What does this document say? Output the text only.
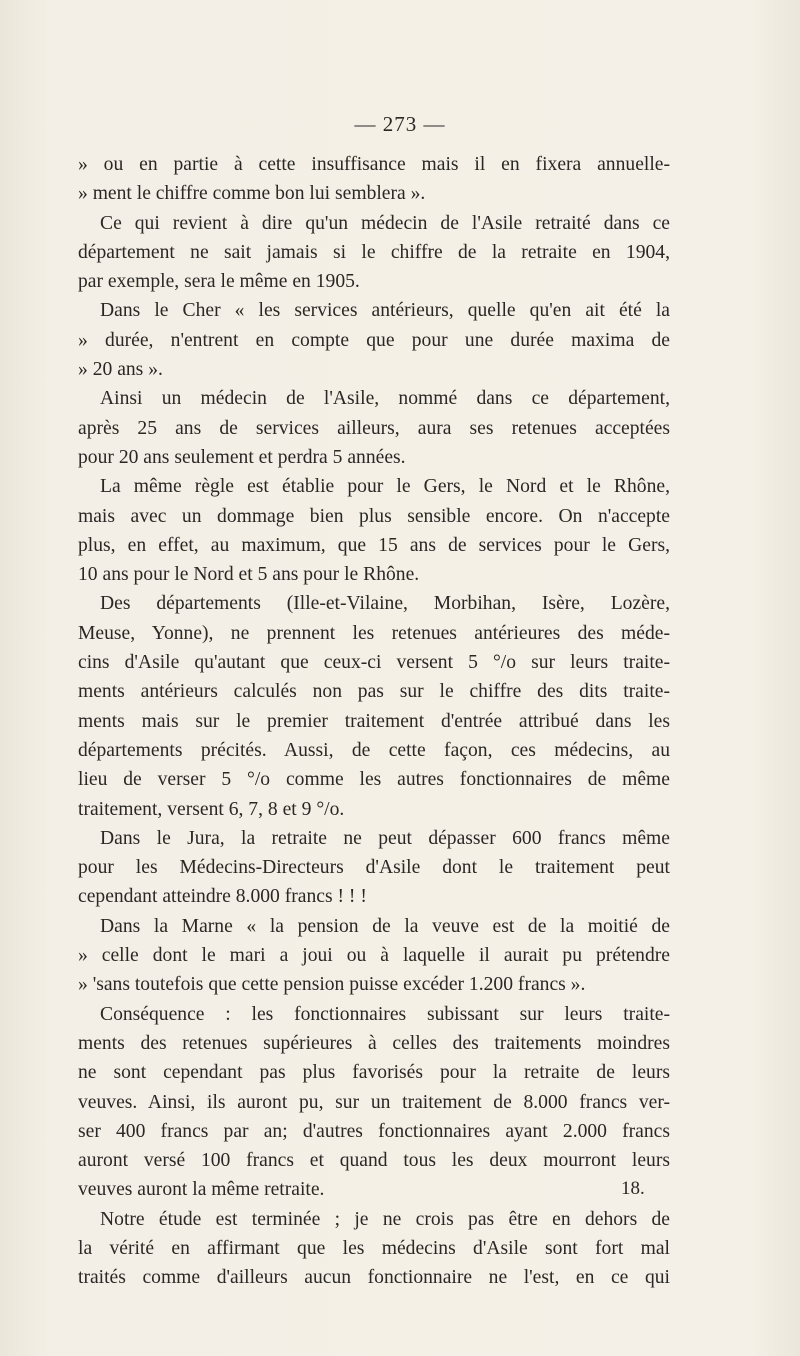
— 273 —
» ou en partie à cette insuffisance mais il en fixera annuelle-
» ment le chiffre comme bon lui semblera ».
Ce qui revient à dire qu'un médecin de l'Asile retraité dans ce
département ne sait jamais si le chiffre de la retraite en 1904,
par exemple, sera le même en 1905.
Dans le Cher « les services antérieurs, quelle qu'en ait été la
» durée, n'entrent en compte que pour une durée maxima de
» 20 ans ».
Ainsi un médecin de l'Asile, nommé dans ce département,
après 25 ans de services ailleurs, aura ses retenues acceptées
pour 20 ans seulement et perdra 5 années.
La même règle est établie pour le Gers, le Nord et le Rhône,
mais avec un dommage bien plus sensible encore. On n'accepte
plus, en effet, au maximum, que 15 ans de services pour le Gers,
10 ans pour le Nord et 5 ans pour le Rhône.
Des départements (Ille-et-Vilaine, Morbihan, Isère, Lozère,
Meuse, Yonne), ne prennent les retenues antérieures des méde-
cins d'Asile qu'autant que ceux-ci versent 5 °/o sur leurs traite-
ments antérieurs calculés non pas sur le chiffre des dits traite-
ments mais sur le premier traitement d'entrée attribué dans les
départements précités. Aussi, de cette façon, ces médecins, au
lieu de verser 5 °/o comme les autres fonctionnaires de même
traitement, versent 6, 7, 8 et 9 °/o.
Dans le Jura, la retraite ne peut dépasser 600 francs même
pour les Médecins-Directeurs d'Asile dont le traitement peut
cependant atteindre 8.000 francs ! ! !
Dans la Marne « la pension de la veuve est de la moitié de
» celle dont le mari a joui ou à laquelle il aurait pu prétendre
» 'sans toutefois que cette pension puisse excéder 1.200 francs ».
Conséquence : les fonctionnaires subissant sur leurs traite-
ments des retenues supérieures à celles des traitements moindres
ne sont cependant pas plus favorisés pour la retraite de leurs
veuves. Ainsi, ils auront pu, sur un traitement de 8.000 francs ver-
ser 400 francs par an; d'autres fonctionnaires ayant 2.000 francs
auront versé 100 francs et quand tous les deux mourront leurs
veuves auront la même retraite.
Notre étude est terminée ; je ne crois pas être en dehors de
la vérité en affirmant que les médecins d'Asile sont fort mal
traités comme d'ailleurs aucun fonctionnaire ne l'est, en ce qui
18.
